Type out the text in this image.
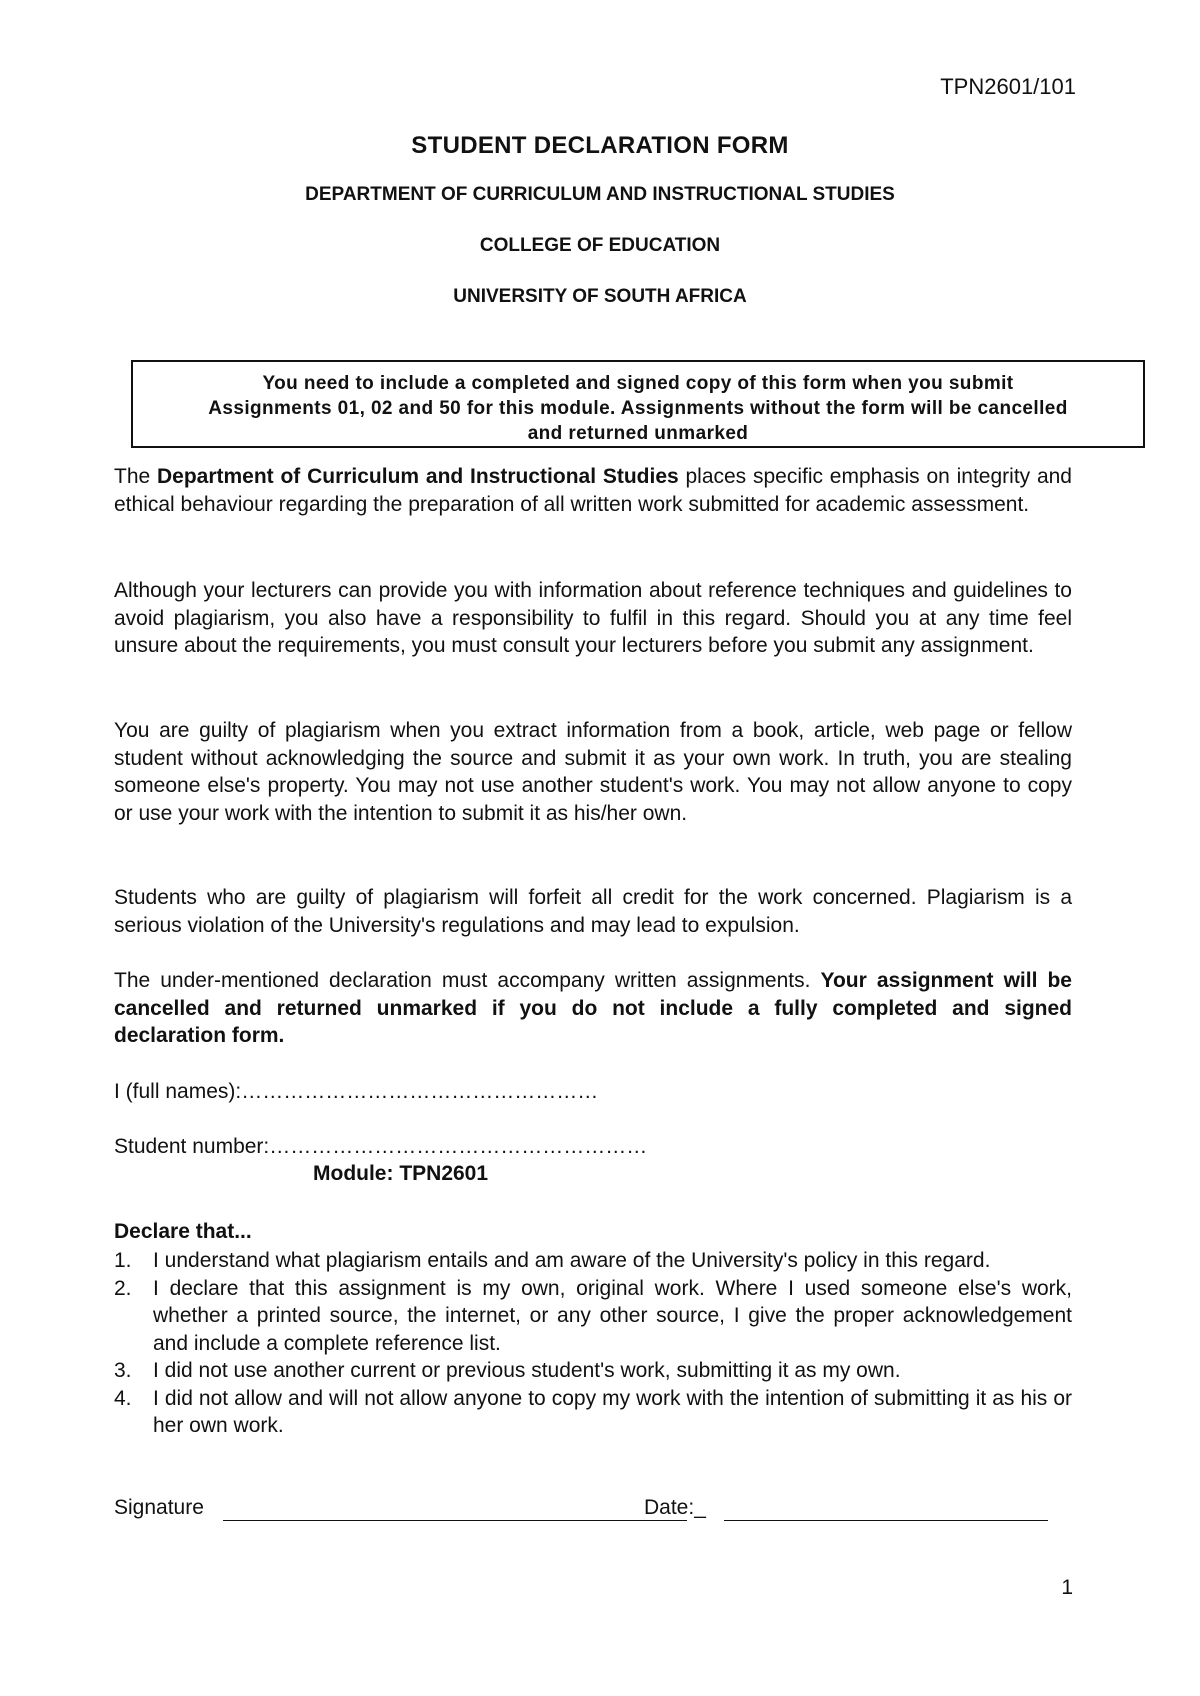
TPN2601/101
STUDENT DECLARATION FORM
DEPARTMENT OF CURRICULUM AND INSTRUCTIONAL STUDIES
COLLEGE OF EDUCATION
UNIVERSITY OF SOUTH AFRICA
You need to include a completed and signed copy of this form when you submit
Assignments 01, 02 and 50 for this module. Assignments without the form will be cancelled
and returned unmarked

The Department of Curriculum and Instructional Studies places specific emphasis on integrity and ethical behaviour regarding the preparation of all written work submitted for academic assessment.

Although your lecturers can provide you with information about reference techniques and guidelines to avoid plagiarism, you also have a responsibility to fulfil in this regard. Should you at any time feel unsure about the requirements, you must consult your lecturers before you submit any assignment.

You are guilty of plagiarism when you extract information from a book, article, web page or fellow student without acknowledging the source and submit it as your own work. In truth, you are stealing someone else's property. You may not use another student's work. You may not allow anyone to copy or use your work with the intention to submit it as his/her own.

Students who are guilty of plagiarism will forfeit all credit for the work concerned. Plagiarism is a serious violation of the University's regulations and may lead to expulsion.

The under-mentioned declaration must accompany written assignments. Your assignment will be cancelled and returned unmarked if you do not include a fully completed and signed declaration form.

I (full names):……………………………………………
Student number:………………………………………………
Module: TPN2601
Declare that...
1. I understand what plagiarism entails and am aware of the University's policy in this regard.
2. I declare that this assignment is my own, original work. Where I used someone else's work, whether a printed source, the internet, or any other source, I give the proper acknowledgement and include a complete reference list.
3. I did not use another current or previous student's work, submitting it as my own.
4. I did not allow and will not allow anyone to copy my work with the intention of submitting it as his or her own work.
Signature	Date:_
1
